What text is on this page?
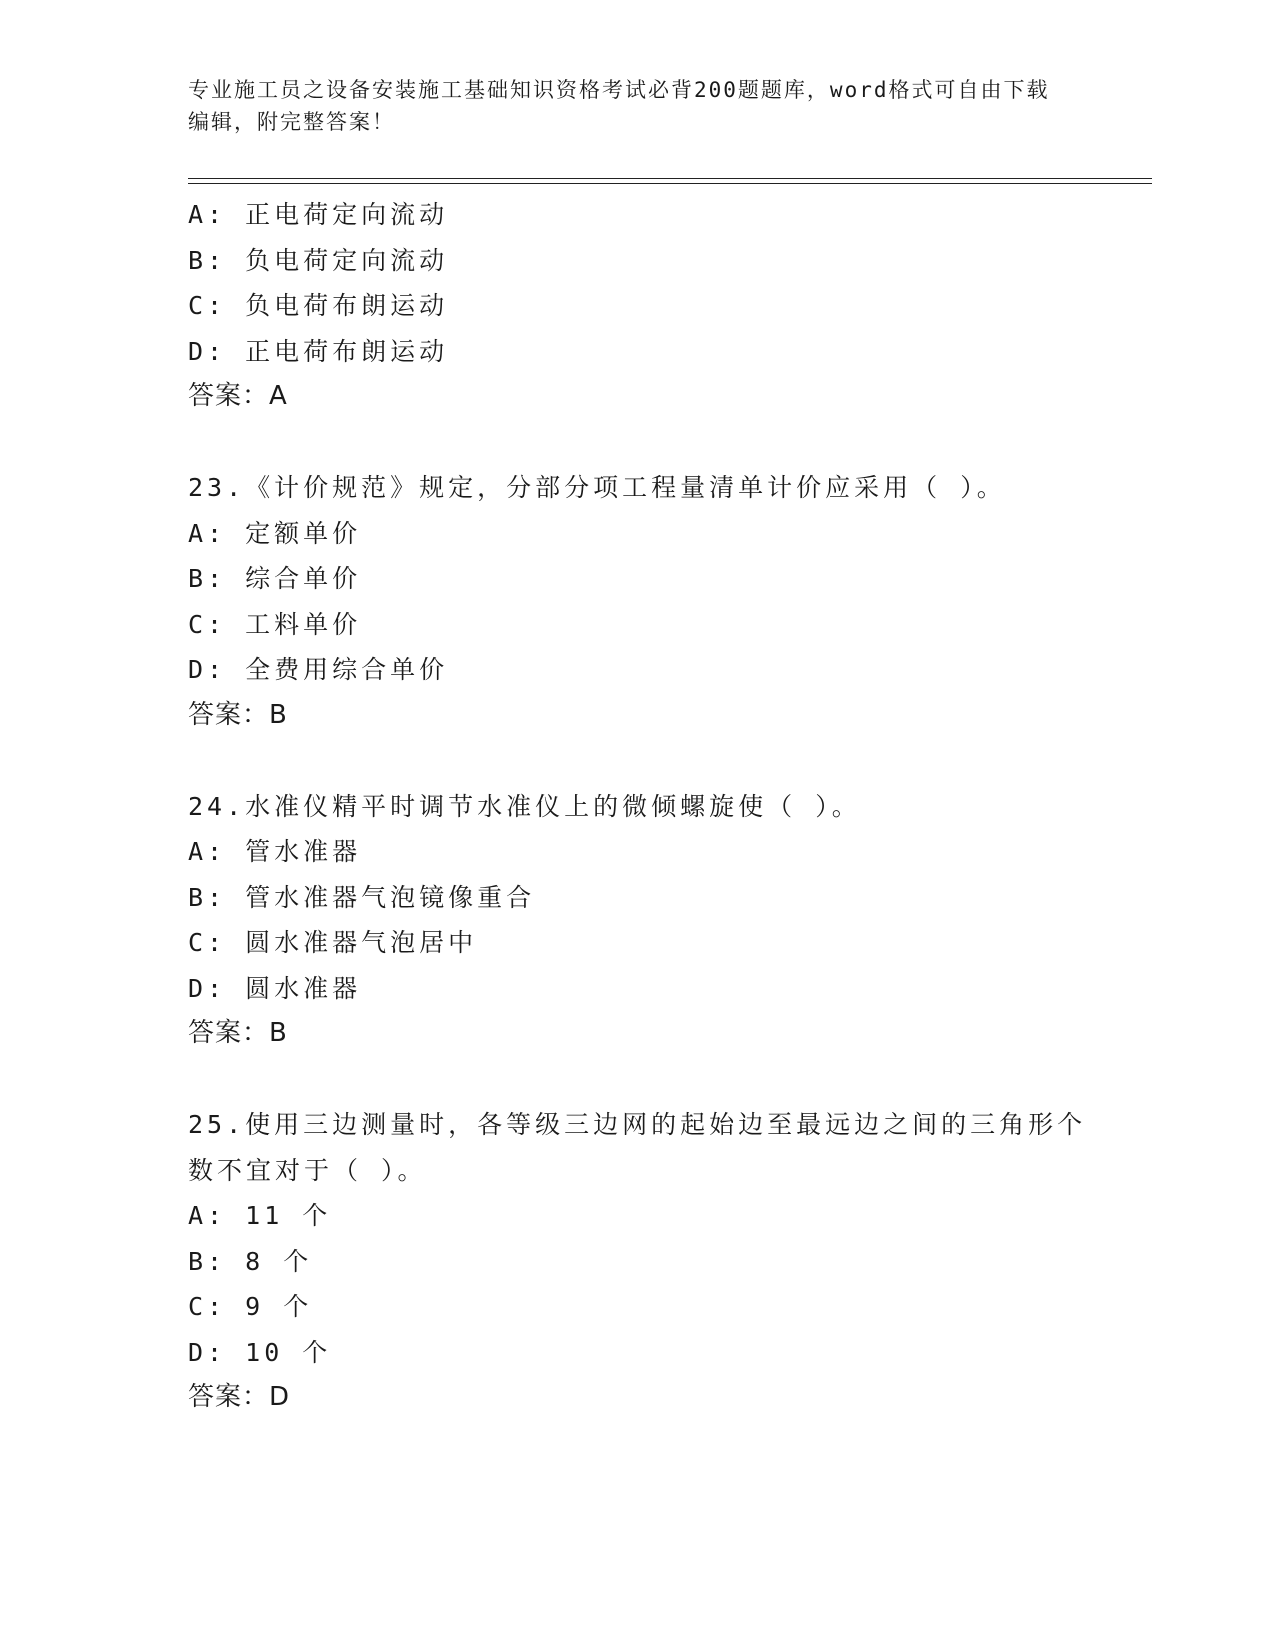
专业施工员之设备安装施工基础知识资格考试必背200题题库，word格式可自由下载编辑，附完整答案！
A: 正电荷定向流动
B: 负电荷定向流动
C: 负电荷布朗运动
D: 正电荷布朗运动
答案：A
23.《计价规范》规定，分部分项工程量清单计价应采用（ ）。
A: 定额单价
B: 综合单价
C: 工料单价
D: 全费用综合单价
答案：B
24.水准仪精平时调节水准仪上的微倾螺旋使（ ）。
A: 管水准器
B: 管水准器气泡镜像重合
C: 圆水准器气泡居中
D: 圆水准器
答案：B
25.使用三边测量时，各等级三边网的起始边至最远边之间的三角形个
数不宜对于（ ）。
A: 11 个
B: 8 个
C: 9 个
D: 10 个
答案：D
